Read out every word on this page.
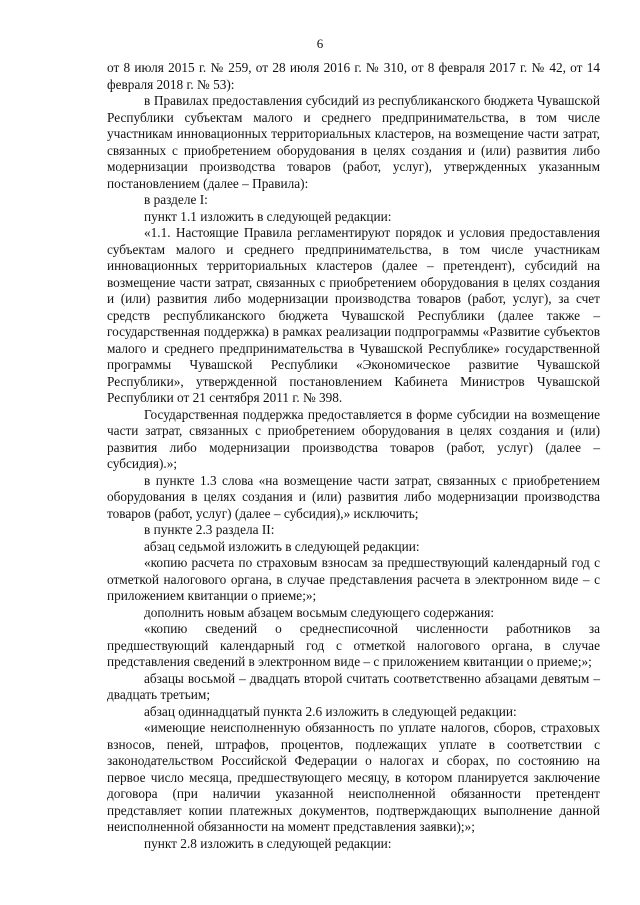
6

от 8 июля 2015 г. № 259, от 28 июля 2016 г. № 310, от 8 февраля 2017 г. № 42, от 14 февраля 2018 г. № 53):

в Правилах предоставления субсидий из республиканского бюджета Чувашской Республики субъектам малого и среднего предпринимательства, в том числе участникам инновационных территориальных кластеров, на возмещение части затрат, связанных с приобретением оборудования в целях создания и (или) развития либо модернизации производства товаров (работ, услуг), утвержденных указанным постановлением (далее – Правила):

в разделе I:

пункт 1.1 изложить в следующей редакции:

«1.1. Настоящие Правила регламентируют порядок и условия предоставления субъектам малого и среднего предпринимательства, в том числе участникам инновационных территориальных кластеров (далее – претендент), субсидий на возмещение части затрат, связанных с приобретением оборудования в целях создания и (или) развития либо модернизации производства товаров (работ, услуг), за счет средств республиканского бюджета Чувашской Республики (далее также – государственная поддержка) в рамках реализации подпрограммы «Развитие субъектов малого и среднего предпринимательства в Чувашской Республике» государственной программы Чувашской Республики «Экономическое развитие Чувашской Республики», утвержденной постановлением Кабинета Министров Чувашской Республики от 21 сентября 2011 г. № 398.

Государственная поддержка предоставляется в форме субсидии на возмещение части затрат, связанных с приобретением оборудования в целях создания и (или) развития либо модернизации производства товаров (работ, услуг) (далее – субсидия).»;

в пункте 1.3 слова «на возмещение части затрат, связанных с приобретением оборудования в целях создания и (или) развития либо модернизации производства товаров (работ, услуг) (далее – субсидия),» исключить;

в пункте 2.3 раздела II:

абзац седьмой изложить в следующей редакции:

«копию расчета по страховым взносам за предшествующий календарный год с отметкой налогового органа, в случае представления расчета в электронном виде – с приложением квитанции о приеме;»;

дополнить новым абзацем восьмым следующего содержания:

«копию сведений о среднесписочной численности работников за предшествующий календарный год с отметкой налогового органа, в случае представления сведений в электронном виде – с приложением квитанции о приеме;»;

абзацы восьмой – двадцать второй считать соответственно абзацами девятым – двадцать третьим;

абзац одиннадцатый пункта 2.6 изложить в следующей редакции:

«имеющие неисполненную обязанность по уплате налогов, сборов, страховых взносов, пеней, штрафов, процентов, подлежащих уплате в соответствии с законодательством Российской Федерации о налогах и сборах, по состоянию на первое число месяца, предшествующего месяцу, в котором планируется заключение договора (при наличии указанной неисполненной обязанности претендент представляет копии платежных документов, подтверждающих выполнение данной неисполненной обязанности на момент представления заявки);»;

пункт 2.8 изложить в следующей редакции:
